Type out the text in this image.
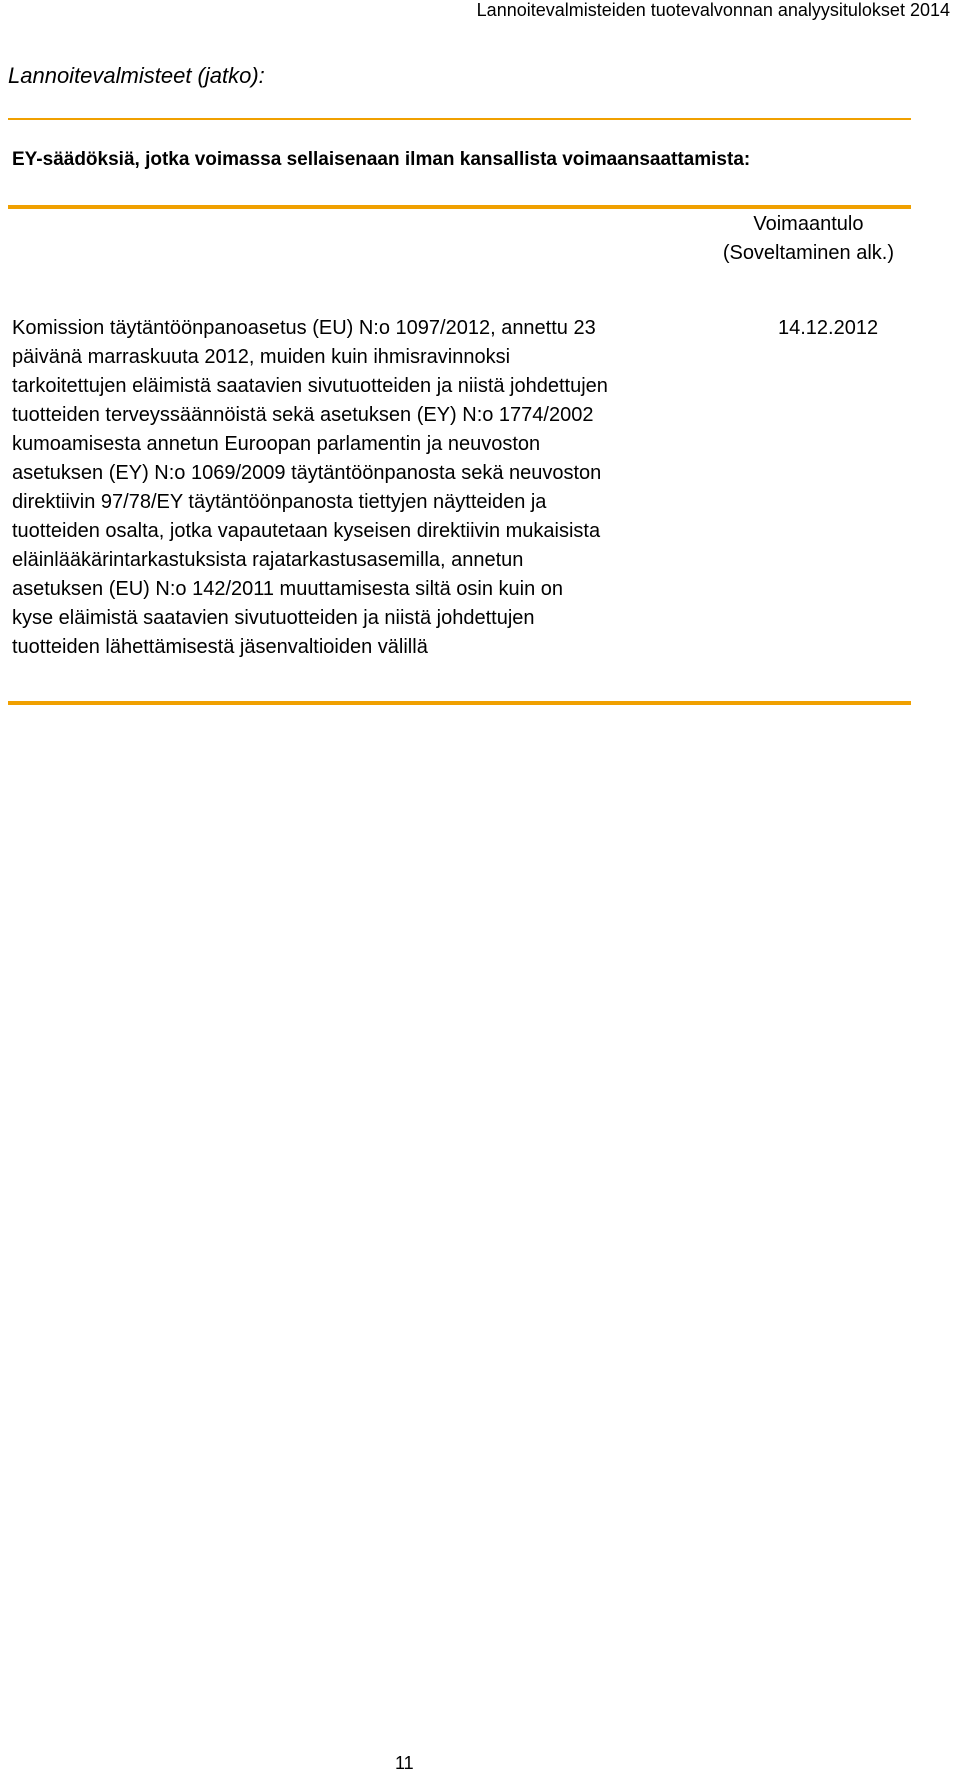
Lannoitevalmisteiden tuotevalvonnan analyysitulokset 2014
Lannoitevalmisteet (jatko):
EY-säädöksiä, jotka voimassa sellaisenaan ilman kansallista voimaansaattamista:
Voimaantulo
(Soveltaminen alk.)
Komission täytäntöönpanoasetus (EU) N:o 1097/2012, annettu 23
päivänä marraskuuta 2012, muiden kuin ihmisravinnoksi
tarkoitettujen eläimistä saatavien sivutuotteiden ja niistä johdettujen
tuotteiden terveyssäännöistä sekä asetuksen (EY) N:o 1774/2002
kumoamisesta annetun Euroopan parlamentin ja neuvoston
asetuksen (EY) N:o 1069/2009 täytäntöönpanosta sekä neuvoston
direktiivin 97/78/EY täytäntöönpanosta tiettyjen näytteiden ja
tuotteiden osalta, jotka vapautetaan kyseisen direktiivin mukaisista
eläinlääkärintarkastuksista rajatarkastusasemilla, annetun
asetuksen (EU) N:o 142/2011 muuttamisesta siltä osin kuin on
kyse eläimistä saatavien sivutuotteiden ja niistä johdettujen
tuotteiden lähettämisestä jäsenvaltioiden välillä
14.12.2012
11
